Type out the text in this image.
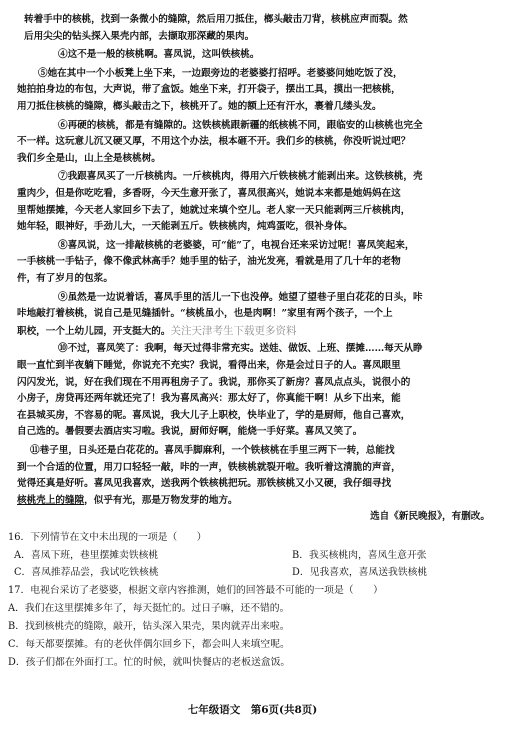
转着手中的核桃，找到一条微小的缝隙，然后用刀抵住，榔头敲击刀背，核桃应声而裂。然
后用尖尖的钻头探入果壳内部，去撷取那深藏的果肉。
④这不是一般的核桃啊。喜凤说，这叫铁核桃。
⑤她在其中一个小板凳上坐下来，一边跟旁边的老婆婆打招呼。老婆婆问她吃饭了没，
她拍拍身边的布包，大声说，带了盒饭。她坐下来，打开袋子，摆出工具，摸出一把核桃，
用刀抵住核桃的缝隙，榔头敲击之下，核桃开了。她的额上还有汗水，裹着几缕头发。
⑥再硬的核桃，都是有缝隙的。这铁核桃跟新疆的纸核桃不同，跟临安的山核桃也完全
不一样。这玩意儿沉又硬又厚，不用这个办法，根本砸不开。我们乡的核桃，你没听说过吧？
我们乡全是山，山上全是核桃树。
⑦我跟喜凤买了一斤核桃肉。一斤核桃肉，得用六斤铁核桃才能剥出来。这铁核桃，壳
重肉少，但是你吃吃看，多香呀，今天生意开张了，喜凤很高兴，她说本来都是她妈妈在这
里帮她摆摊，今天老人家回乡下去了，她就过来填个空儿。老人家一天只能剥两三斤核桃肉，
她年轻，眼神好，手劲儿大，一天能剥五斤。铁核桃肉，炖鸡蛋吃，很补身体。
⑧喜凤说，这一排敲核桃的老婆婆，可“能”了，电视台还来采访过呢！喜凤笑起来，
一手核桃一手钻子，像不像武林高手？她手里的钻子，油光发亮，看就是用了几十年的老物
件，有了岁月的包浆。
⑨虽然是一边说着话，喜凤手里的活儿一下也没停。她望了望巷子里白花花的日头，咔
咔地敲打着核桃，说自己是见缝插针。“核桃虽小，也是肉啊！”家里有两个孩子，一个上
职校，一个上幼儿园，开支挺大的。关注天津考生下载更多资料
⑩不过，喜凤笑了：我啊，每天过得非常充实。送娃、做饭、上班、摆摊……每天从睁
眼一直忙到半夜躺下睡觉，你说充不充实？我说，看得出来，你是会过日子的人。喜凤眼里
闪闪发光，说，好在我们现在不用再租房子了。我说，那你买了新房？喜凤点点头，说很小的
小房子，房贷再还两年就还完了！我为喜凤高兴：那太好了，你真能干啊！从乡下出来，能
在县城买房，不容易的呢。喜凤说，我大儿子上职校，快毕业了，学的是厨师，他自己喜欢，
⑪巷子里，日头还是白花花的。喜凤手脚麻利，一个铁核桃在手里三两下一转，总能找
到一个合适的位置，用刀口轻轻一敲，咔的一声，铁核桃就裂开啦。我听着这清脆的声音，
觉得还真是好听。喜凤见我喜欢，送我两个铁核桃把玩。那铁核桃又小又硬，我仔细寻找
核桃壳上的缝隙，似乎有光，那是万物发芽的地方。
选自《新民晚报》，有删改。
自己选的。暑假要去酒店实习啦。我说，厨师好啊，能烧一手好菜。喜凤又笑了。
16．下列情节在文中未出现的一项是（　　）
A．喜凤下班，巷里摆摊卖铁核桃	B．我买核桃肉，喜凤生意开张
C．喜凤推荐品尝，我试吃铁核桃	D．见我喜欢，喜凤送我铁核桃
17．电视台采访了老婆婆，根据文章内容推测，她们的回答最不可能的一项是（　　）
A．我们在这里摆摊多年了，每天挺忙的。过日子嘛，还不错的。
B．找到核桃壳的缝隙，敲开，钻头深入果壳，果肉就弄出来啦。
C．每天都要摆摊。有的老伙伴偶尔回乡下，都会叫人来填空呢。
D．孩子们都在外面打工。忙的时候，就叫快餐店的老板送盒饭。
七年级语文　第6页(共8页)
